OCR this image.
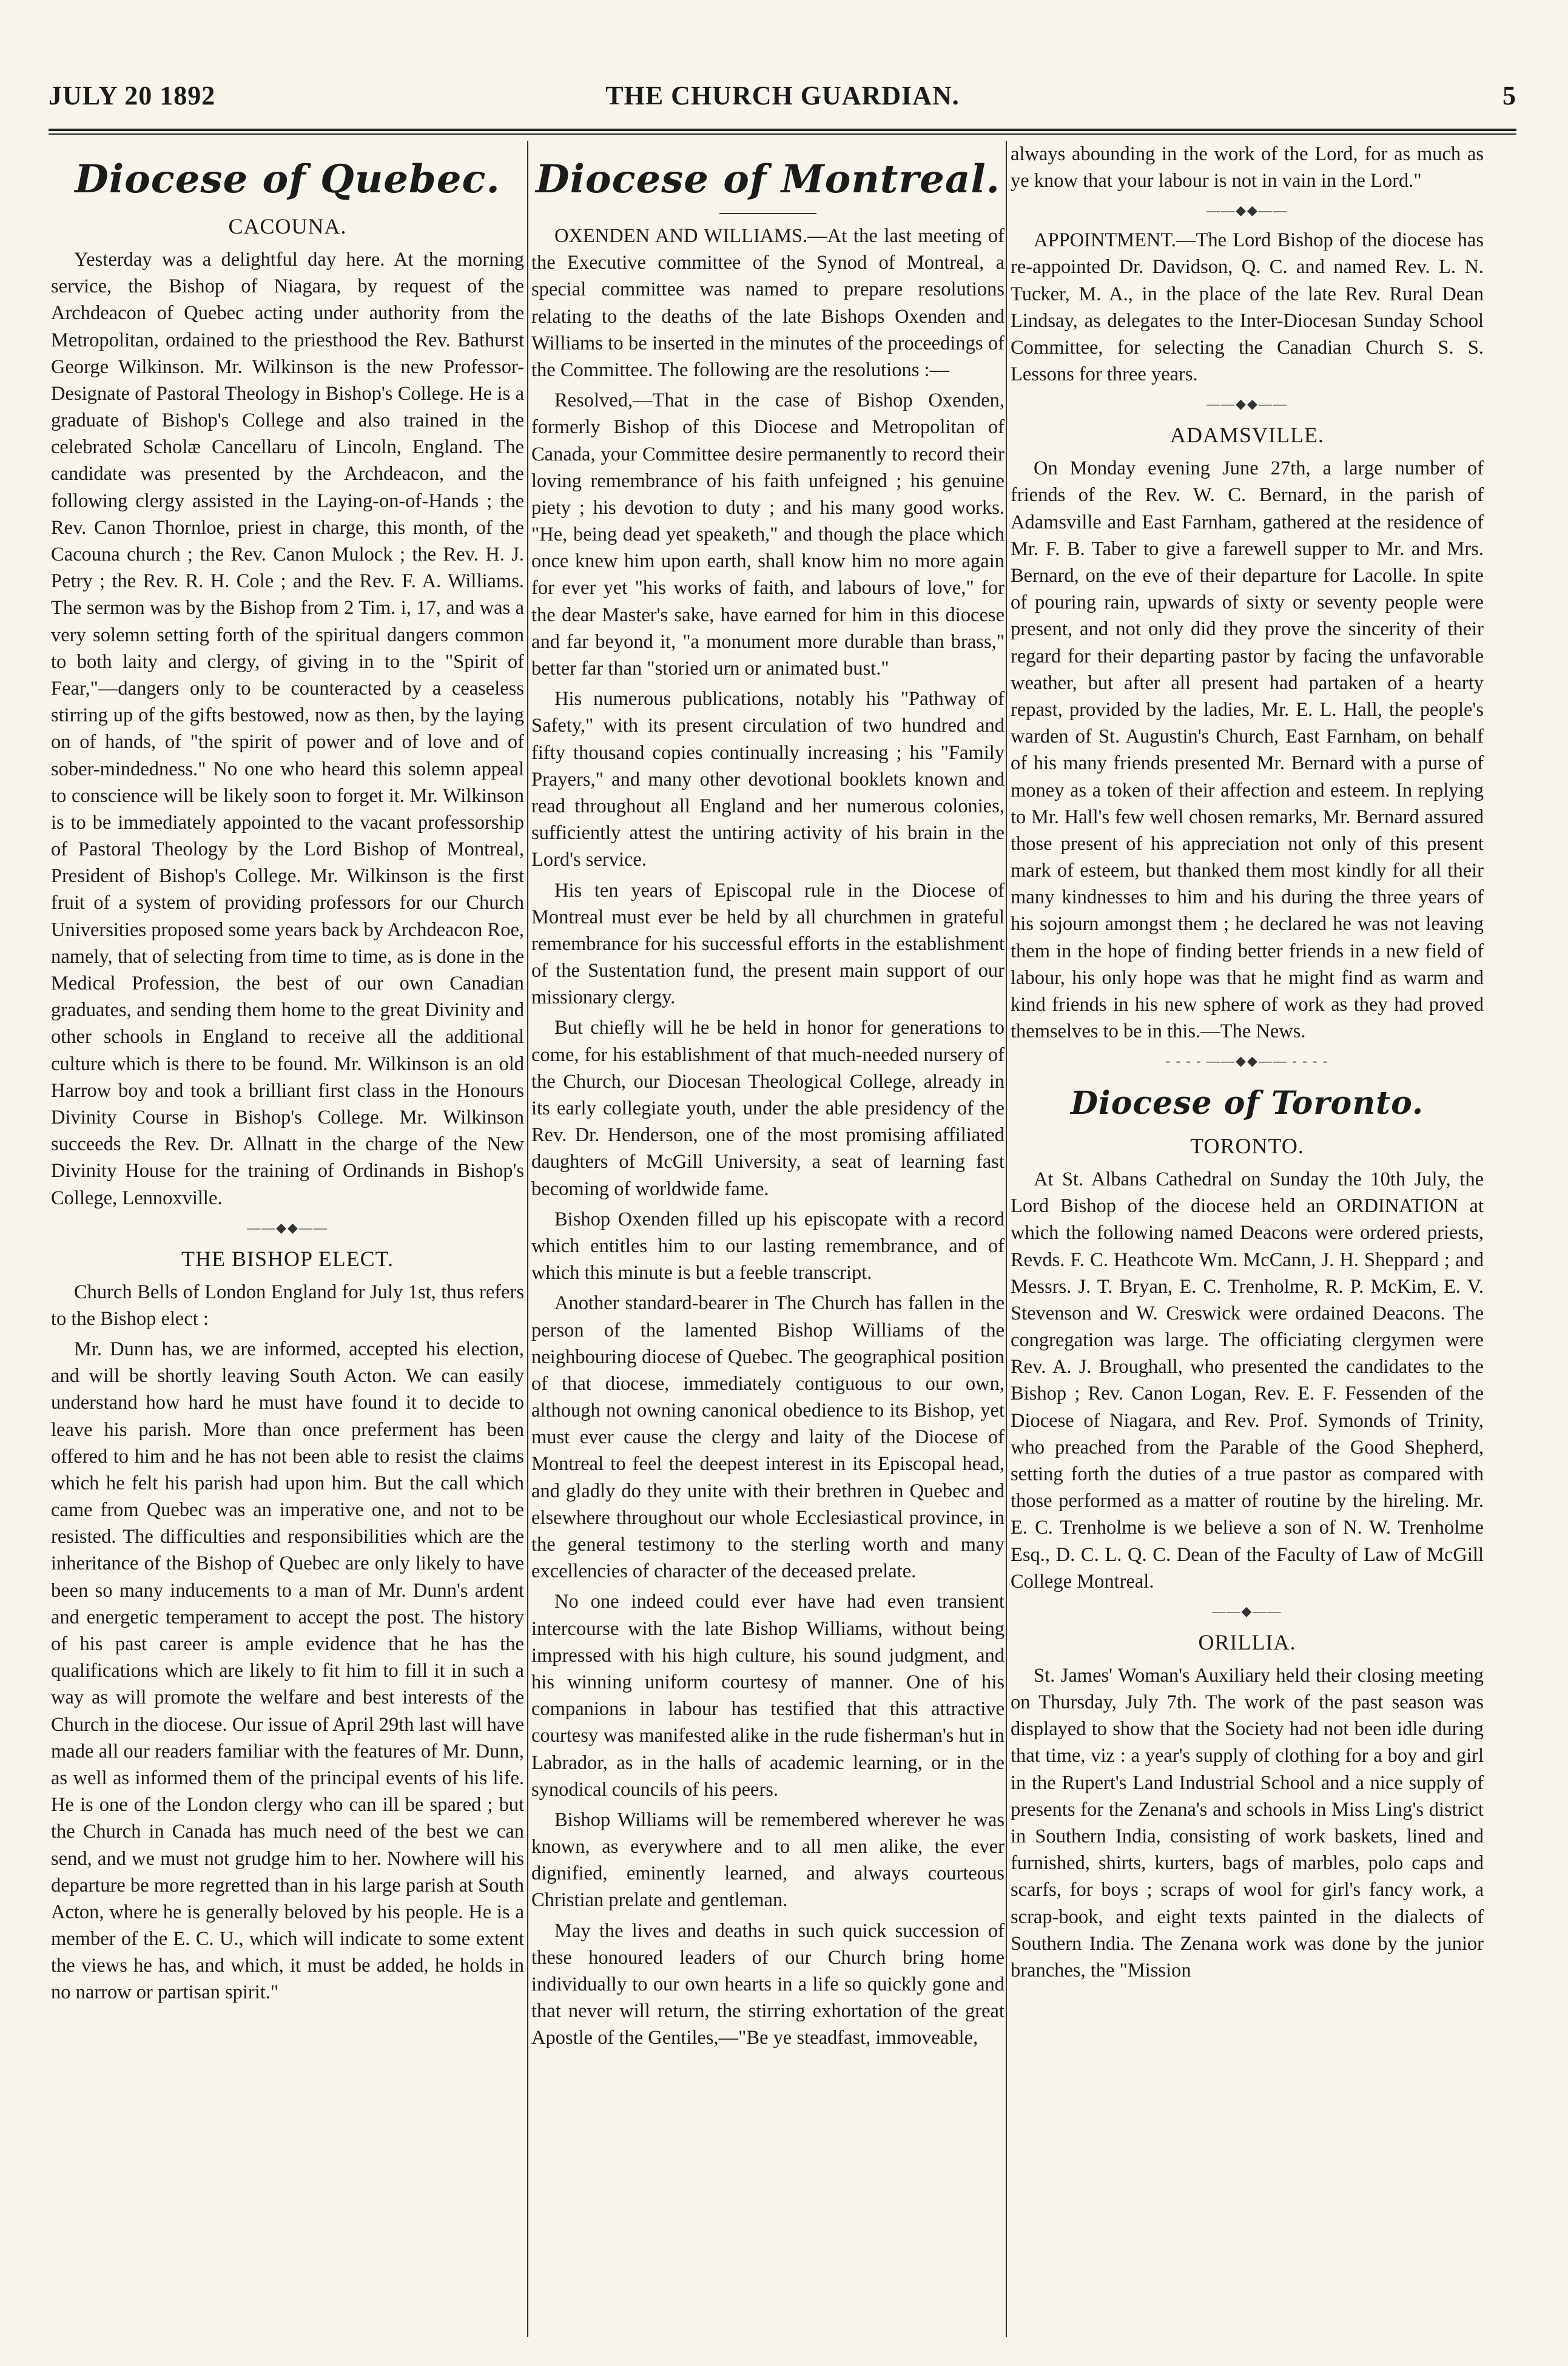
JULY 20 1892	THE CHURCH GUARDIAN.	5
Diocese of Quebec.
CACOUNA.

Yesterday was a delightful day here. At the morning service, the Bishop of Niagara, by request of the Archdeacon of Quebec acting under authority from the Metropolitan, ordained to the priesthood the Rev. Bathurst George Wilkinson. Mr. Wilkinson is the new Professor-Designate of Pastoral Theology in Bishop's College. He is a graduate of Bishop's College and also trained in the celebrated Scholæ Cancellaru of Lincoln, England. The candidate was presented by the Archdeacon, and the following clergy assisted in the Laying-on-of-Hands ; the Rev. Canon Thornloe, priest in charge, this month, of the Cacouna church ; the Rev. Canon Mulock ; the Rev. H. J. Petry ; the Rev. R. H. Cole ; and the Rev. F. A. Williams. The sermon was by the Bishop from 2 Tim. i, 17, and was a very solemn setting forth of the spiritual dangers common to both laity and clergy, of giving in to the "Spirit of Fear,"—dangers only to be counteracted by a ceaseless stirring up of the gifts bestowed, now as then, by the laying on of hands, of "the spirit of power and of love and of sober-mindedness." No one who heard this solemn appeal to conscience will be likely soon to forget it. Mr. Wilkinson is to be immediately appointed to the vacant professorship of Pastoral Theology by the Lord Bishop of Montreal, President of Bishop's College. Mr. Wilkinson is the first fruit of a system of providing professors for our Church Universities proposed some years back by Archdeacon Roe, namely, that of selecting from time to time, as is done in the Medical Profession, the best of our own Canadian graduates, and sending them home to the great Divinity and other schools in England to receive all the additional culture which is there to be found. Mr. Wilkinson is an old Harrow boy and took a brilliant first class in the Honours Divinity Course in Bishop's College. Mr. Wilkinson succeeds the Rev. Dr. Allnatt in the charge of the New Divinity House for the training of Ordinands in Bishop's College, Lennoxville.

——◆◆——
THE BISHOP ELECT.

Church Bells of London England for July 1st, thus refers to the Bishop elect :

Mr. Dunn has, we are informed, accepted his election, and will be shortly leaving South Acton. We can easily understand how hard he must have found it to decide to leave his parish. More than once preferment has been offered to him and he has not been able to resist the claims which he felt his parish had upon him. But the call which came from Quebec was an imperative one, and not to be resisted. The difficulties and responsibilities which are the inheritance of the Bishop of Quebec are only likely to have been so many inducements to a man of Mr. Dunn's ardent and energetic temperament to accept the post. The history of his past career is ample evidence that he has the qualifications which are likely to fit him to fill it in such a way as will promote the welfare and best interests of the Church in the diocese. Our issue of April 29th last will have made all our readers familiar with the features of Mr. Dunn, as well as informed them of the principal events of his life. He is one of the London clergy who can ill be spared ; but the Church in Canada has much need of the best we can send, and we must not grudge him to her. Nowhere will his departure be more regretted than in his large parish at South Acton, where he is generally beloved by his people. He is a member of the E. C. U., which will indicate to some extent the views he has, and which, it must be added, he holds in no narrow or partisan spirit."

Diocese of Montreal.

OXENDEN AND WILLIAMS.—At the last meeting of the Executive committee of the Synod of Montreal, a special committee was named to prepare resolutions relating to the deaths of the late Bishops Oxenden and Williams to be inserted in the minutes of the proceedings of the Committee. The following are the resolutions :—

Resolved,—That in the case of Bishop Oxenden, formerly Bishop of this Diocese and Metropolitan of Canada, your Committee desire permanently to record their loving remembrance of his faith unfeigned ; his genuine piety ; his devotion to duty ; and his many good works. "He, being dead yet speaketh," and though the place which once knew him upon earth, shall know him no more again for ever yet "his works of faith, and labours of love," for the dear Master's sake, have earned for him in this diocese and far beyond it, "a monument more durable than brass," better far than "storied urn or animated bust."

His numerous publications, notably his "Pathway of Safety," with its present circulation of two hundred and fifty thousand copies continually increasing ; his "Family Prayers," and many other devotional booklets known and read throughout all England and her numerous colonies, sufficiently attest the untiring activity of his brain in the Lord's service.

His ten years of Episcopal rule in the Diocese of Montreal must ever be held by all churchmen in grateful remembrance for his successful efforts in the establishment of the Sustentation fund, the present main support of our missionary clergy.

But chiefly will he be held in honor for generations to come, for his establishment of that much-needed nursery of the Church, our Diocesan Theological College, already in its early collegiate youth, under the able presidency of the Rev. Dr. Henderson, one of the most promising affiliated daughters of McGill University, a seat of learning fast becoming of worldwide fame.

Bishop Oxenden filled up his episcopate with a record which entitles him to our lasting remembrance, and of which this minute is but a feeble transcript.

Another standard-bearer in The Church has fallen in the person of the lamented Bishop Williams of the neighbouring diocese of Quebec. The geographical position of that diocese, immediately contiguous to our own, although not owning canonical obedience to its Bishop, yet must ever cause the clergy and laity of the Diocese of Montreal to feel the deepest interest in its Episcopal head, and gladly do they unite with their brethren in Quebec and elsewhere throughout our whole Ecclesiastical province, in the general testimony to the sterling worth and many excellencies of character of the deceased prelate.

No one indeed could ever have had even transient intercourse with the late Bishop Williams, without being impressed with his high culture, his sound judgment, and his winning uniform courtesy of manner. One of his companions in labour has testified that this attractive courtesy was manifested alike in the rude fisherman's hut in Labrador, as in the halls of academic learning, or in the synodical councils of his peers.

Bishop Williams will be remembered wherever he was known, as everywhere and to all men alike, the ever dignified, eminently learned, and always courteous Christian prelate and gentleman.

May the lives and deaths in such quick succession of these honoured leaders of our Church bring home individually to our own hearts in a life so quickly gone and that never will return, the stirring exhortation of the great Apostle of the Gentiles,—"Be ye steadfast, immoveable,

always abounding in the work of the Lord, for as much as ye know that your labour is not in vain in the Lord."

——◆◆——

APPOINTMENT.—The Lord Bishop of the diocese has re-appointed Dr. Davidson, Q. C. and named Rev. L. N. Tucker, M. A., in the place of the late Rev. Rural Dean Lindsay, as delegates to the Inter-Diocesan Sunday School Committee, for selecting the Canadian Church S. S. Lessons for three years.

——◆◆——
ADAMSVILLE.

On Monday evening June 27th, a large number of friends of the Rev. W. C. Bernard, in the parish of Adamsville and East Farnham, gathered at the residence of Mr. F. B. Taber to give a farewell supper to Mr. and Mrs. Bernard, on the eve of their departure for Lacolle. In spite of pouring rain, upwards of sixty or seventy people were present, and not only did they prove the sincerity of their regard for their departing pastor by facing the unfavorable weather, but after all present had partaken of a hearty repast, provided by the ladies, Mr. E. L. Hall, the people's warden of St. Augustin's Church, East Farnham, on behalf of his many friends presented Mr. Bernard with a purse of money as a token of their affection and esteem. In replying to Mr. Hall's few well chosen remarks, Mr. Bernard assured those present of his appreciation not only of this present mark of esteem, but thanked them most kindly for all their many kindnesses to him and his during the three years of his sojourn amongst them ; he declared he was not leaving them in the hope of finding better friends in a new field of labour, his only hope was that he might find as warm and kind friends in his new sphere of work as they had proved themselves to be in this.—The News.

- - - - ——◆◆—— - - - -
Diocese of Toronto.
TORONTO.

At St. Albans Cathedral on Sunday the 10th July, the Lord Bishop of the diocese held an ORDINATION at which the following named Deacons were ordered priests, Revds. F. C. Heathcote Wm. McCann, J. H. Sheppard ; and Messrs. J. T. Bryan, E. C. Trenholme, R. P. McKim, E. V. Stevenson and W. Creswick were ordained Deacons. The congregation was large. The officiating clergymen were Rev. A. J. Broughall, who presented the candidates to the Bishop ; Rev. Canon Logan, Rev. E. F. Fessenden of the Diocese of Niagara, and Rev. Prof. Symonds of Trinity, who preached from the Parable of the Good Shepherd, setting forth the duties of a true pastor as compared with those performed as a matter of routine by the hireling. Mr. E. C. Trenholme is we believe a son of N. W. Trenholme Esq., D. C. L. Q. C. Dean of the Faculty of Law of McGill College Montreal.

——◆——
ORILLIA.

St. James' Woman's Auxiliary held their closing meeting on Thursday, July 7th. The work of the past season was displayed to show that the Society had not been idle during that time, viz : a year's supply of clothing for a boy and girl in the Rupert's Land Industrial School and a nice supply of presents for the Zenana's and schools in Miss Ling's district in Southern India, consisting of work baskets, lined and furnished, shirts, kurters, bags of marbles, polo caps and scarfs, for boys ; scraps of wool for girl's fancy work, a scrap-book, and eight texts painted in the dialects of Southern India. The Zenana work was done by the junior branches, the "Mission
